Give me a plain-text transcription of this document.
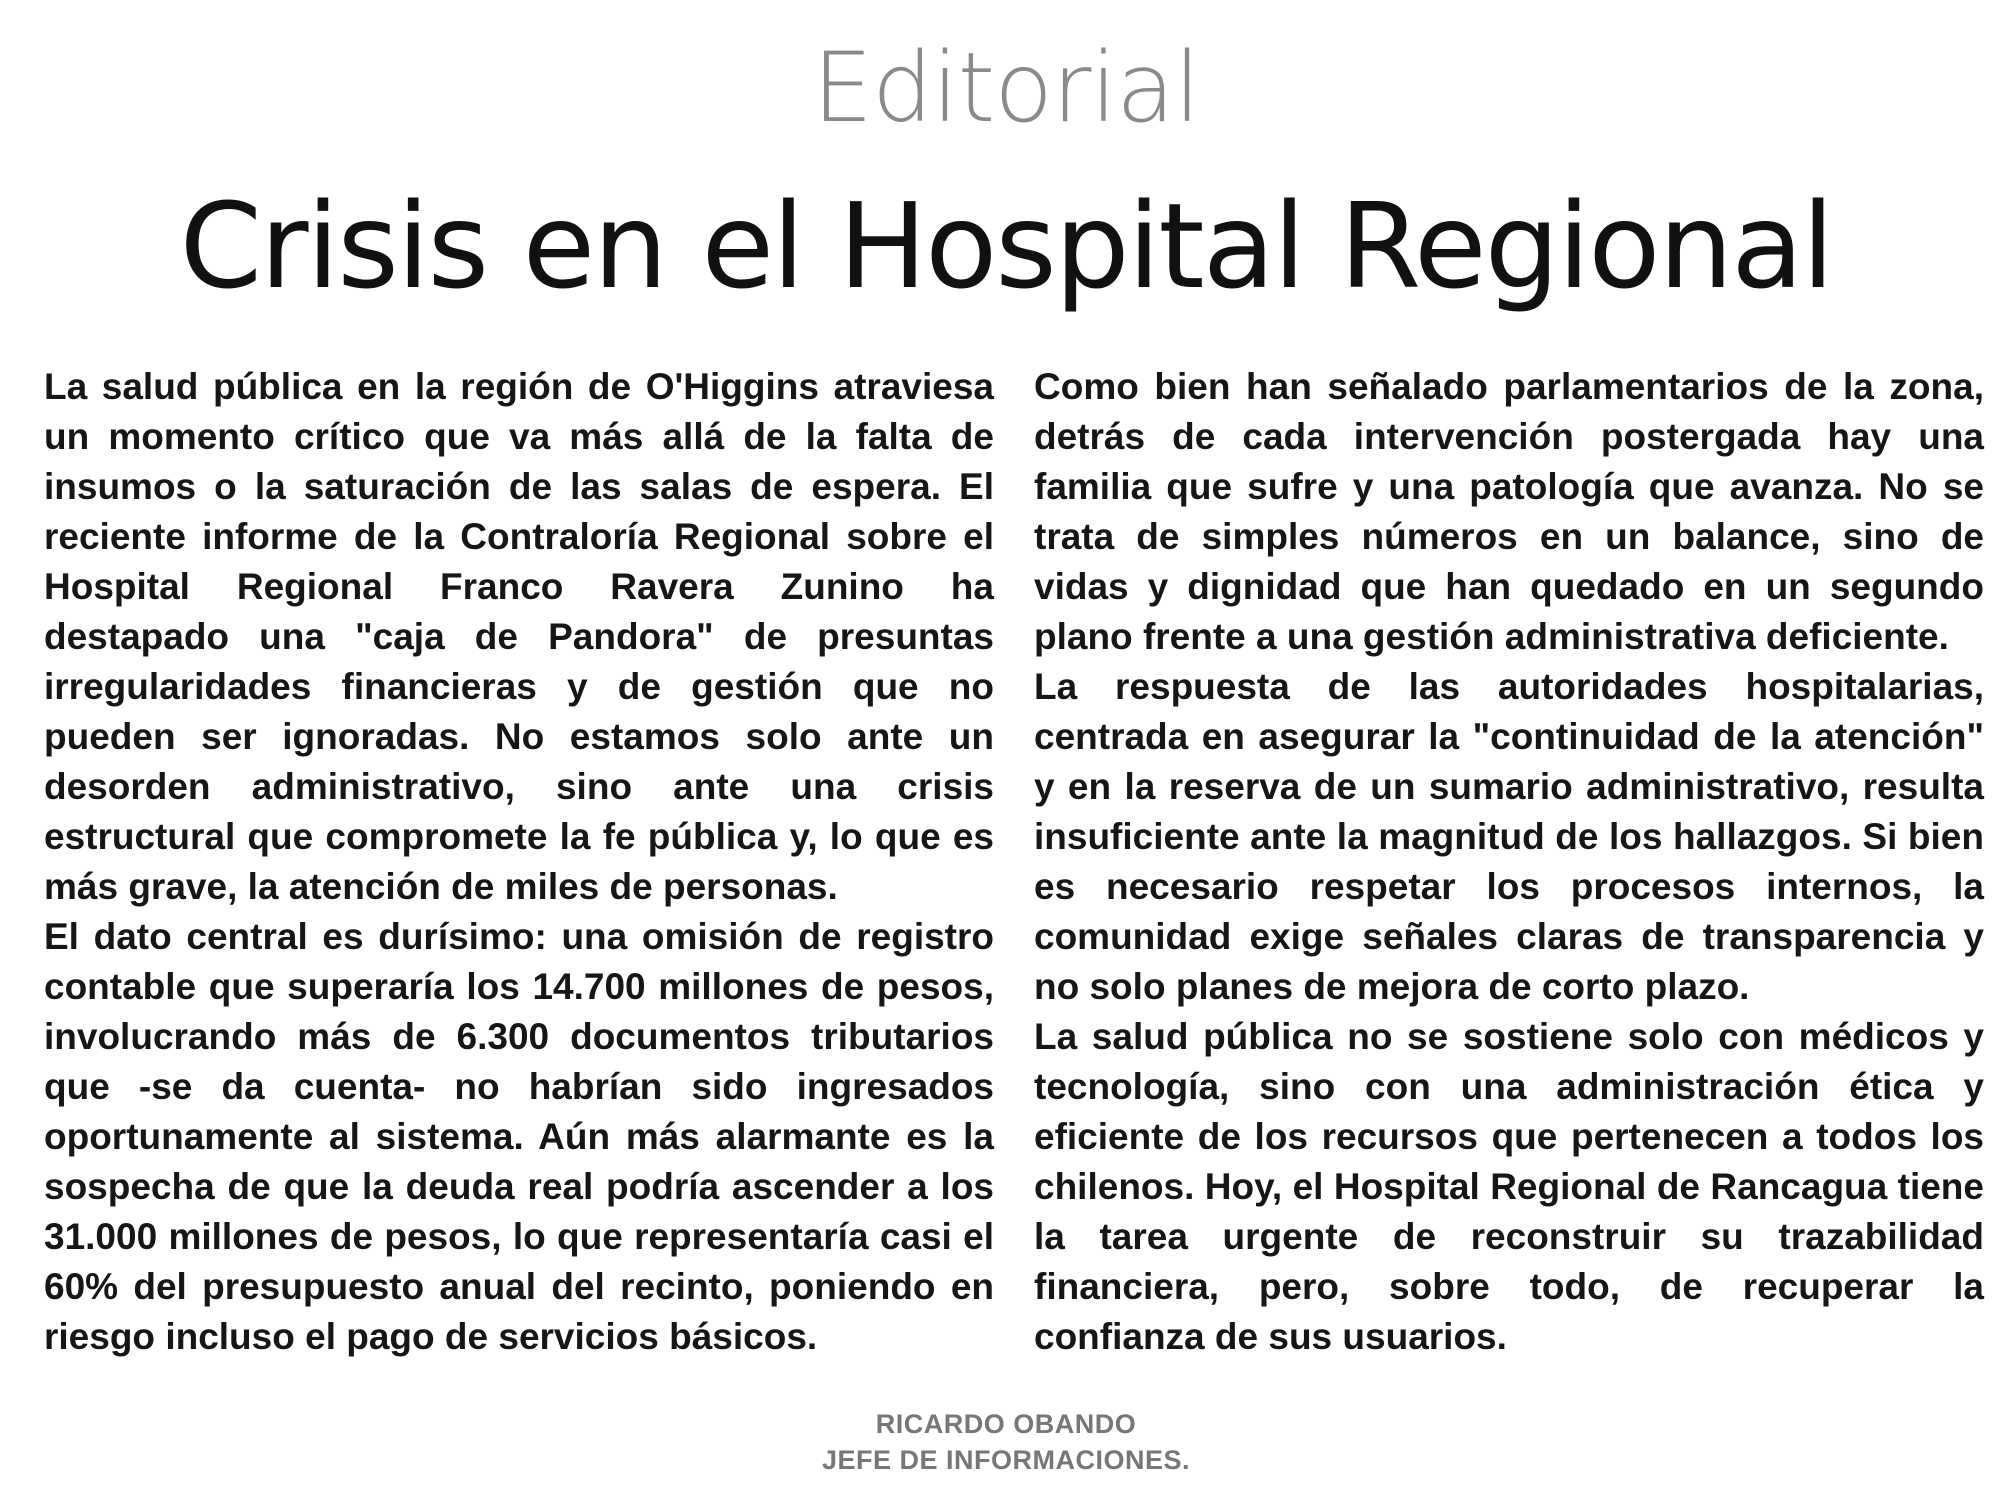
Editorial
Crisis en el Hospital Regional

La salud pública en la región de O'Higgins atraviesa un momento crítico que va más allá de la falta de insumos o la saturación de las salas de espera. El reciente informe de la Contraloría Regional sobre el Hospital Regional Franco Ravera Zunino ha destapado una "caja de Pandora" de presuntas irregularidades financieras y de gestión que no pueden ser ignoradas. No estamos solo ante un desorden administrativo, sino ante una crisis estructural que compromete la fe pública y, lo que es más grave, la atención de miles de personas.

El dato central es durísimo: una omisión de registro contable que superaría los 14.700 millones de pesos, involucrando más de 6.300 documentos tributarios que -se da cuenta- no habrían sido ingresados oportunamente al sistema. Aún más alarmante es la sospecha de que la deuda real podría ascender a los 31.000 millones de pesos, lo que representaría casi el 60% del presupuesto anual del recinto, poniendo en riesgo incluso el pago de servicios básicos.

Como bien han señalado parlamentarios de la zona, detrás de cada intervención postergada hay una familia que sufre y una patología que avanza. No se trata de simples números en un balance, sino de vidas y dignidad que han quedado en un segundo plano frente a una gestión administrativa deficiente.

La respuesta de las autoridades hospitalarias, centrada en asegurar la "continuidad de la atención" y en la reserva de un sumario administrativo, resulta insuficiente ante la magnitud de los hallazgos. Si bien es necesario respetar los procesos internos, la comunidad exige señales claras de transparencia y no solo planes de mejora de corto plazo.

La salud pública no se sostiene solo con médicos y tecnología, sino con una administración ética y eficiente de los recursos que pertenecen a todos los chilenos. Hoy, el Hospital Regional de Rancagua tiene la tarea urgente de reconstruir su trazabilidad financiera, pero, sobre todo, de recuperar la confianza de sus usuarios.

RICARDO OBANDO
JEFE DE INFORMACIONES.
